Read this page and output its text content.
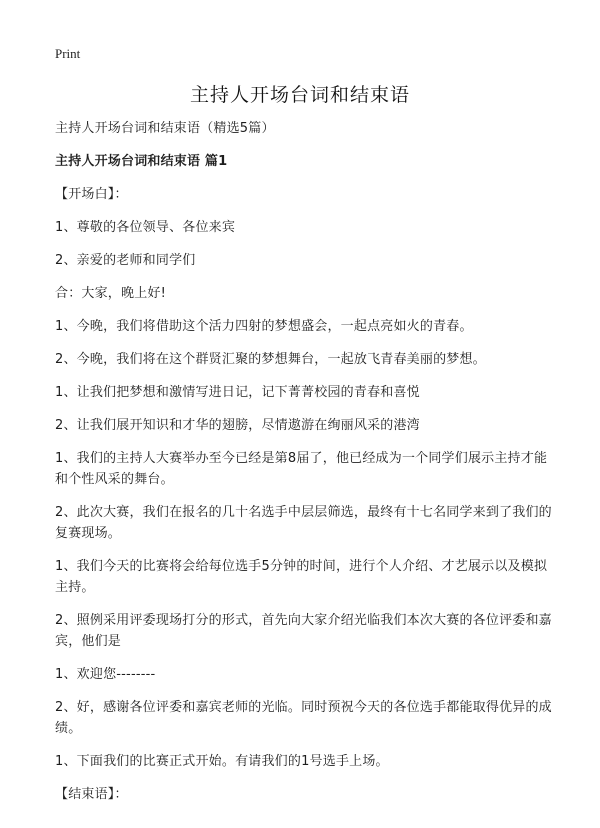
Print
主持人开场台词和结束语

主持人开场台词和结束语（精选5篇）

主持人开场台词和结束语 篇1

【开场白】：

1、尊敬的各位领导、各位来宾

2、亲爱的老师和同学们

合：大家，晚上好!

1、今晚，我们将借助这个活力四射的梦想盛会，一起点亮如火的青春。

2、今晚，我们将在这个群贤汇聚的梦想舞台，一起放飞青春美丽的梦想。

1、让我们把梦想和激情写进日记，记下菁菁校园的青春和喜悦

2、让我们展开知识和才华的翅膀，尽情遨游在绚丽风采的港湾

1、我们的主持人大赛举办至今已经是第8届了，他已经成为一个同学们展示主持才能和个性风采的舞台。

2、此次大赛，我们在报名的几十名选手中层层筛选，最终有十七名同学来到了我们的复赛现场。

1、我们今天的比赛将会给每位选手5分钟的时间，进行个人介绍、才艺展示以及模拟主持。

2、照例采用评委现场打分的形式，首先向大家介绍光临我们本次大赛的各位评委和嘉宾，他们是

1、欢迎您--------

2、好，感谢各位评委和嘉宾老师的光临。同时预祝今天的各位选手都能取得优异的成绩。

1、下面我们的比赛正式开始。有请我们的1号选手上场。

【结束语】：
